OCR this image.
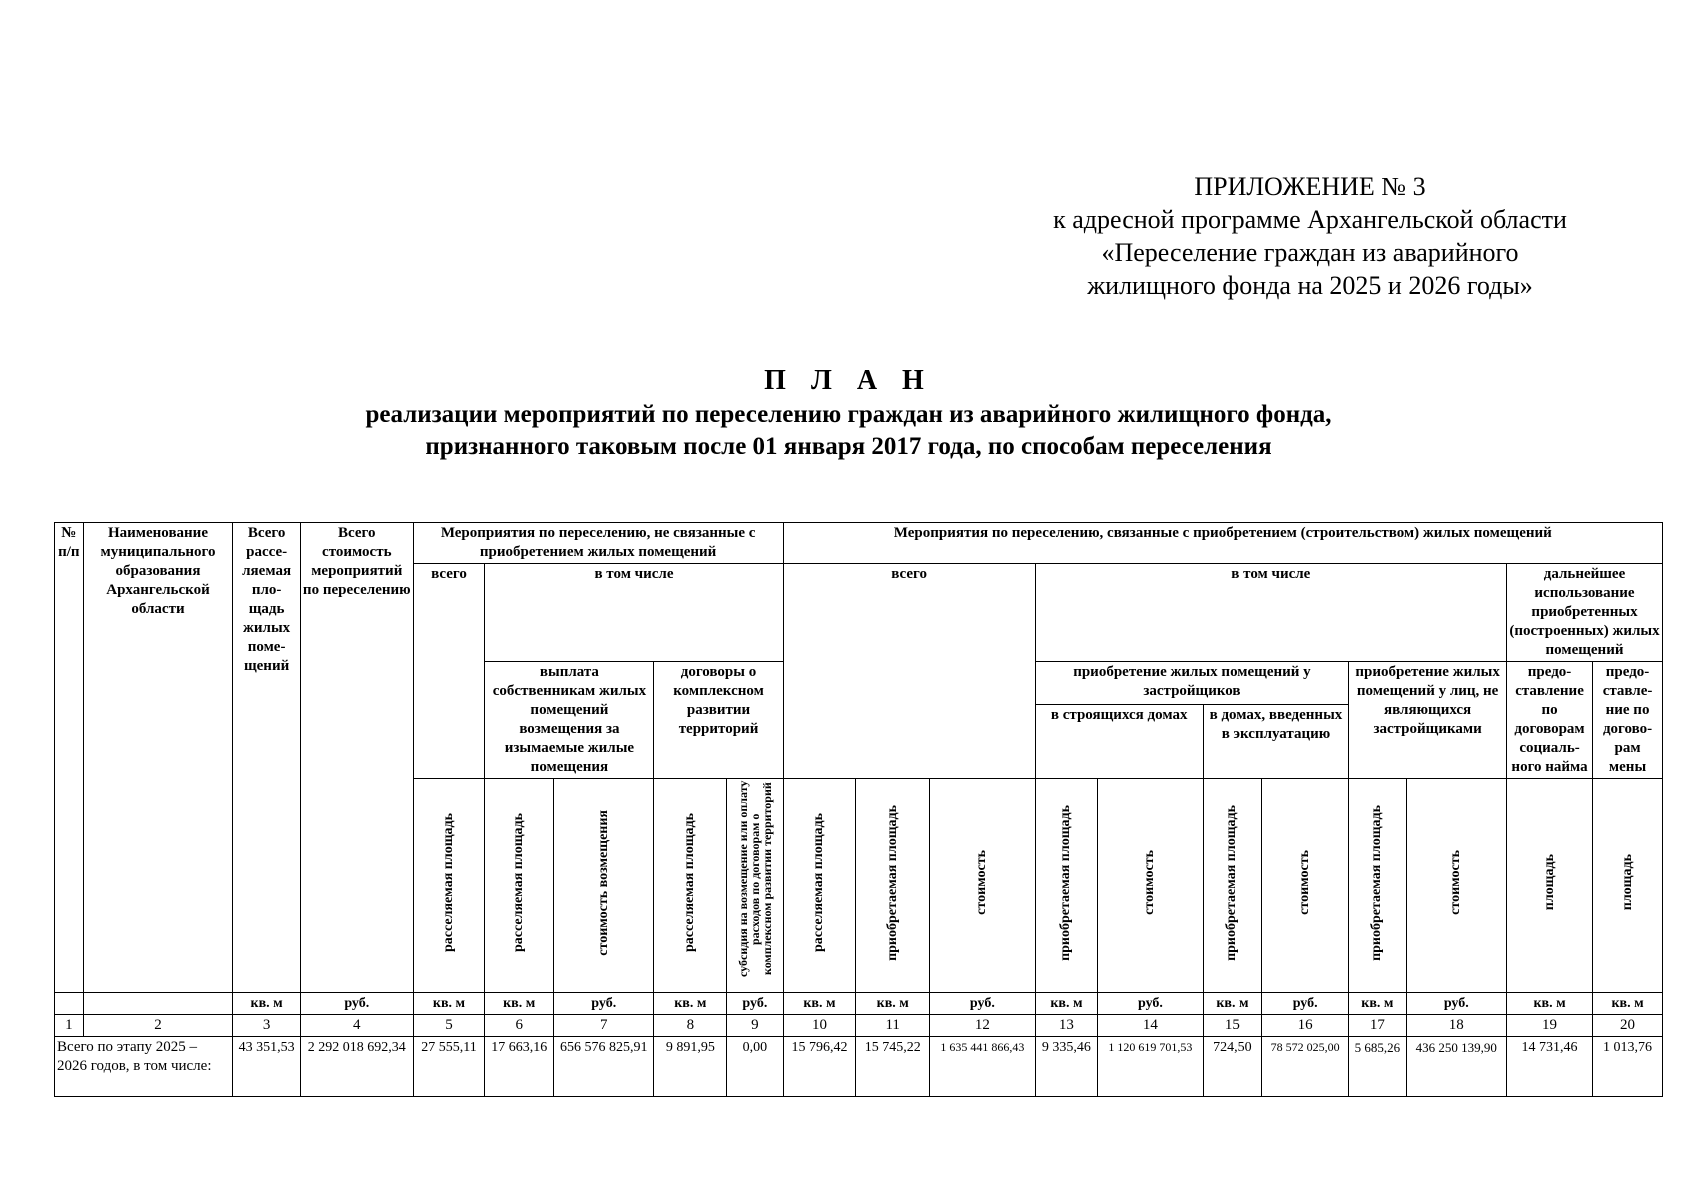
ПРИЛОЖЕНИЕ № 3
к адресной программе Архангельской области
«Переселение граждан из аварийного
жилищного фонда на 2025 и 2026 годы»
П Л А Н
реализации мероприятий по переселению граждан из аварийного жилищного фонда,
признанного таковым после 01 января 2017 года, по способам переселения
№ п/п	Наименование муниципального образования Архангельской области	Всего рассе-ляемая пло-щадь жилых поме-щений	Всего стоимость мероприятий по переселению	Мероприятия по переселению, не связанные с приобретением жилых помещений					Мероприятия по переселению, связанные с приобретением (строительством) жилых помещений										
				всего	в том числе				всего			в том числе						дальнейшее использование приобретенных (построенных) жилых помещений	
					выплата собственникам жилых помещений возмещения за изымаемые жилые помещения		договоры о комплексном развитии территорий					приобретение жилых помещений у застройщиков				приобретение жилых помещений у лиц, не являющихся застройщиками		предо-ставление по договорам социаль-ного найма	предо-ставле-ние по догово-рам мены
												в строящихся домах		в домах, введенных в эксплуатацию					
				расселяемая площадь	расселяемая площадь	стоимость возмещения	расселяемая площадь	субсидия на возмещение или оплату расходов по договорам о комплексном развитии территорий	расселяемая площадь	приобретаемая площадь	стоимость	приобретаемая площадь	стоимость	приобретаемая площадь	стоимость	приобретаемая площадь	стоимость	площадь	площадь
		кв. м	руб.	кв. м	кв. м	руб.	кв. м	руб.	кв. м	кв. м	руб.	кв. м	руб.	кв. м	руб.	кв. м	руб.	кв. м	кв. м
1	2	3	4	5	6	7	8	9	10	11	12	13	14	15	16	17	18	19	20
Всего по этапу 2025 – 2026 годов, в том числе:		43 351,53	2 292 018 692,34	27 555,11	17 663,16	656 576 825,91	9 891,95	0,00	15 796,42	15 745,22	1 635 441 866,43	9 335,46	1 120 619 701,53	724,50	78 572 025,00	5 685,26	436 250 139,90	14 731,46	1 013,76
